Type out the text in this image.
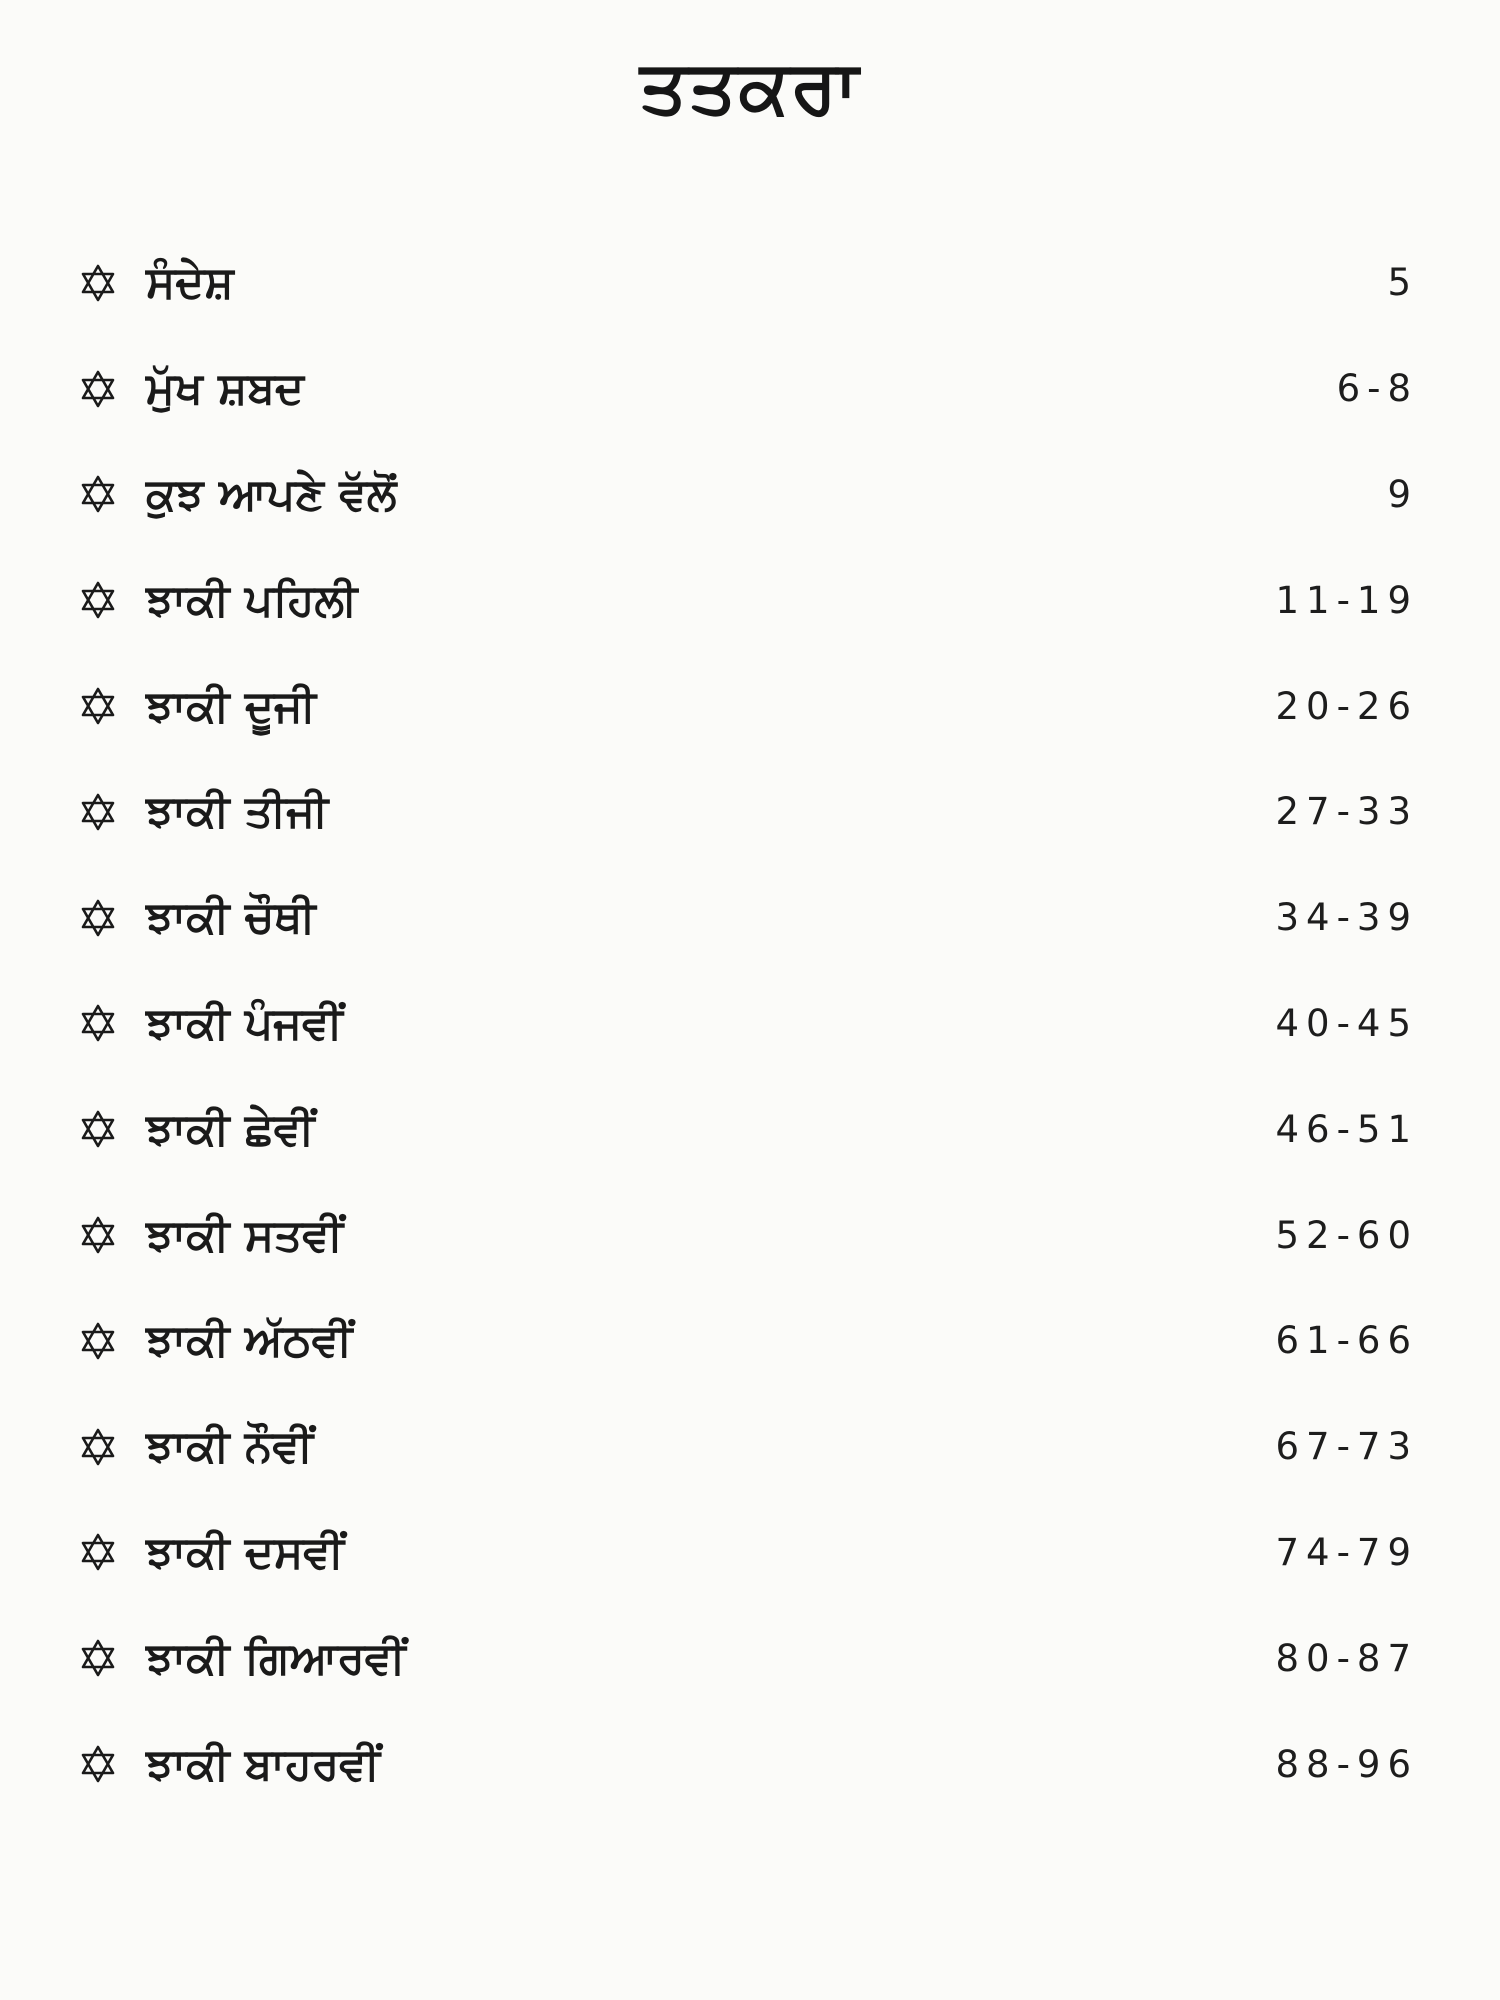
ਤਤਕਰਾ
ਸੰਦੇਸ਼	5
ਮੁੱਖ ਸ਼ਬਦ	6-8
ਕੁਝ ਆਪਣੇ ਵੱਲੋਂ	9
ਝਾਕੀ ਪਹਿਲੀ	11-19
ਝਾਕੀ ਦੂਜੀ	20-26
ਝਾਕੀ ਤੀਜੀ	27-33
ਝਾਕੀ ਚੌਥੀ	34-39
ਝਾਕੀ ਪੰਜਵੀਂ	40-45
ਝਾਕੀ ਛੇਵੀਂ	46-51
ਝਾਕੀ ਸਤਵੀਂ	52-60
ਝਾਕੀ ਅੱਠਵੀਂ	61-66
ਝਾਕੀ ਨੌਵੀਂ	67-73
ਝਾਕੀ ਦਸਵੀਂ	74-79
ਝਾਕੀ ਗਿਆਰਵੀਂ	80-87
ਝਾਕੀ ਬਾਹਰਵੀਂ	88-96
